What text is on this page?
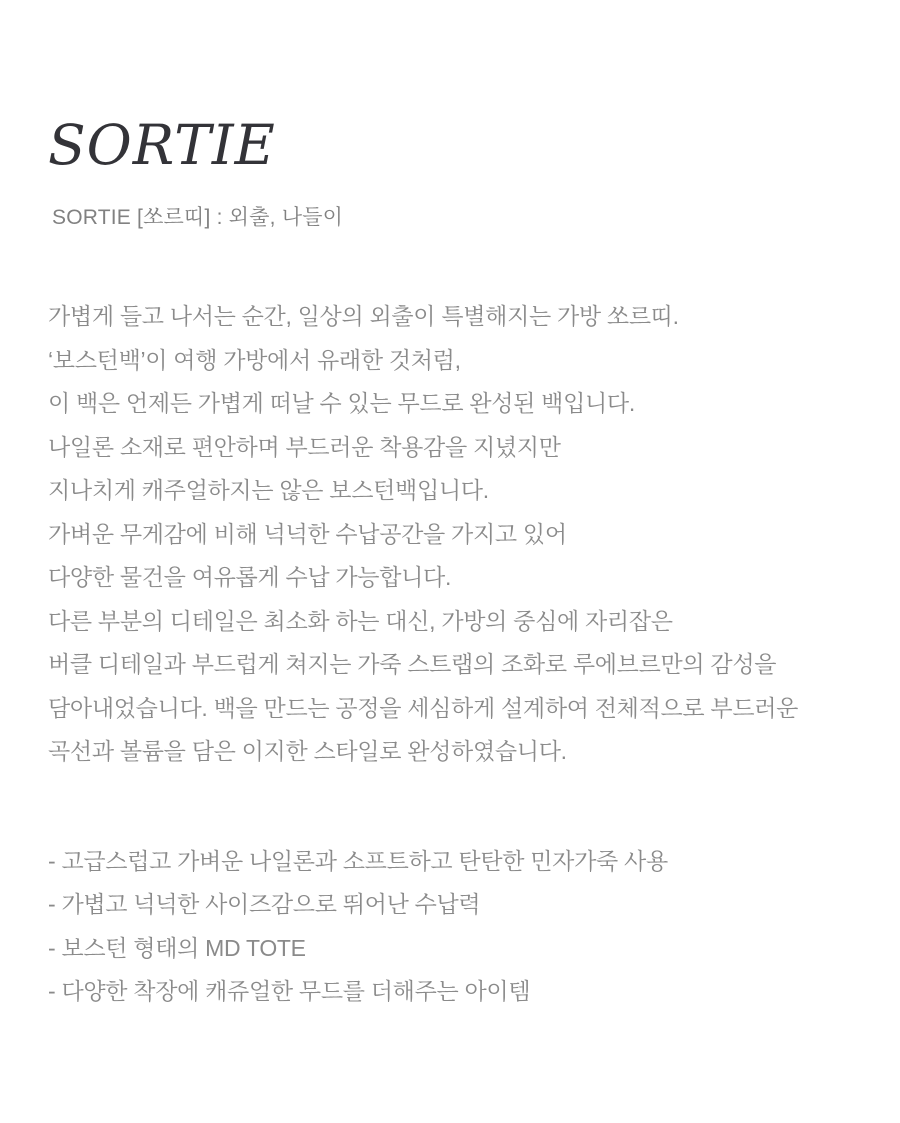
SORTIE

SORTIE [쏘르띠] : 외출, 나들이

가볍게 들고 나서는 순간, 일상의 외출이 특별해지는 가방 쏘르띠.
‘보스턴백’이 여행 가방에서 유래한 것처럼,
이 백은 언제든 가볍게 떠날 수 있는 무드로 완성된 백입니다.
나일론 소재로 편안하며 부드러운 착용감을 지녔지만
지나치게 캐주얼하지는 않은 보스턴백입니다.
가벼운 무게감에 비해 넉넉한 수납공간을 가지고 있어
다양한 물건을 여유롭게 수납 가능합니다.
다른 부분의 디테일은 최소화 하는 대신, 가방의 중심에 자리잡은
버클 디테일과 부드럽게 쳐지는 가죽 스트랩의 조화로 루에브르만의 감성을
담아내었습니다. 백을 만드는 공정을 세심하게 설계하여 전체적으로 부드러운
곡선과 볼륨을 담은 이지한 스타일로 완성하였습니다.
- 고급스럽고 가벼운 나일론과 소프트하고 탄탄한 민자가죽 사용
- 가볍고 넉넉한 사이즈감으로 뛰어난 수납력
- 보스턴 형태의 MD TOTE
- 다양한 착장에 캐쥬얼한 무드를 더해주는 아이템
